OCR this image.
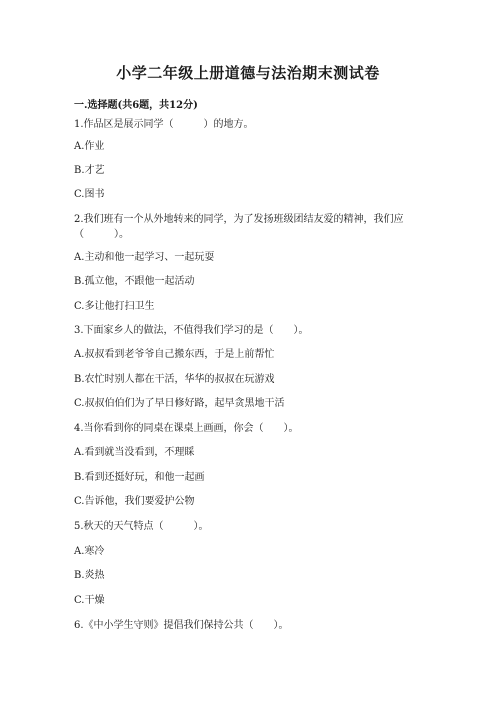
小学二年级上册道德与法治期末测试卷
一.选择题(共6题，共12分)
1.作品区是展示同学（　　　）的地方。
A.作业
B.才艺
C.图书
2.我们班有一个从外地转来的同学，为了发扬班级团结友爱的精神，我们应
（　　　）。
A.主动和他一起学习、一起玩耍
B.孤立他，不跟他一起活动
C.多让他打扫卫生
3.下面家乡人的做法，不值得我们学习的是（　　）。
A.叔叔看到老爷爷自己搬东西，于是上前帮忙
B.农忙时别人都在干活，华华的叔叔在玩游戏
C.叔叔伯伯们为了早日修好路，起早贪黑地干活
4.当你看到你的同桌在课桌上画画，你会（　　）。
A.看到就当没看到，不理睬
B.看到还挺好玩，和他一起画
C.告诉他，我们要爱护公物
5.秋天的天气特点（　　　）。
A.寒冷
B.炎热
C.干燥
6.《中小学生守则》提倡我们保持公共（　　）。
